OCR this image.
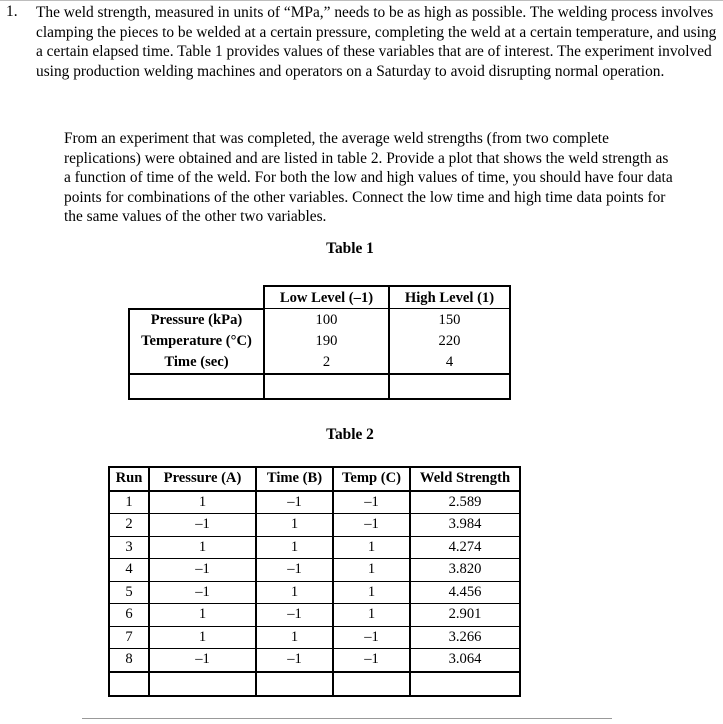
1. The weld strength, measured in units of “MPa,” needs to be as high as possible. The welding process involves clamping the pieces to be welded at a certain pressure, completing the weld at a certain temperature, and using a certain elapsed time. Table 1 provides values of these variables that are of interest. The experiment involved using production welding machines and operators on a Saturday to avoid disrupting normal operation.

From an experiment that was completed, the average weld strengths (from two complete replications) were obtained and are listed in table 2. Provide a plot that shows the weld strength as a function of time of the weld. For both the low and high values of time, you should have four data points for combinations of the other variables. Connect the low time and high time data points for the same values of the other two variables.

Table 1
	Low Level (–1)	High Level (1)
Pressure (kPa)	100	150
Temperature (°C)	190	220
Time (sec)	2	4

Table 2
Run	Pressure (A)	Time (B)	Temp (C)	Weld Strength
1	1	–1	–1	2.589
2	–1	1	–1	3.984
3	1	1	1	4.274
4	–1	–1	1	3.820
5	–1	1	1	4.456
6	1	–1	1	2.901
7	1	1	–1	3.266
8	–1	–1	–1	3.064
